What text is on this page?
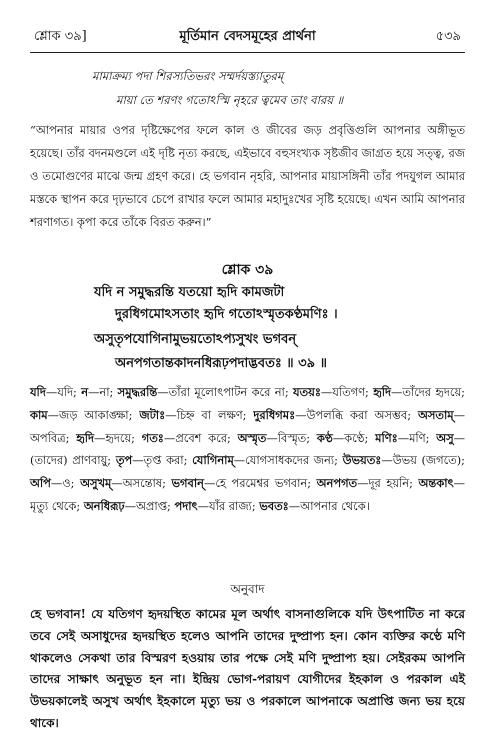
শ্লোক ৩৯]	মূর্তিমান বেদসমূহের প্রার্থনা	৫৩৯
মামাক্রম্য পদা শিরস্যতিভরং সম্মর্দয়স্ত্যাতুরম্‌
মায়া তে শরণং গতোঽস্মি নৃহরে ত্বমেব তাং বারয় ॥
“আপনার মায়ার ওপর দৃষ্টিক্ষেপের ফলে কাল ও জীবের জড় প্রবৃত্তিগুলি আপনার অঙ্গীভূত হয়েছে। তাঁর বদনমণ্ডলে এই দৃষ্টি নৃত্য করছে, এইভাবে বহুসংখ্যক সৃষ্টজীব জাগ্রত হয়ে সত্ত্ব, রজ ও তমোগুণের মাঝে জন্ম গ্রহণ করে। হে ভগবান নৃহরি, আপনার মায়াসঙ্গিনী তাঁর পদযুগল আমার মস্তকে স্থাপন করে দৃঢ়ভাবে চেপে রাখার ফলে আমার মহাদুঃখের সৃষ্টি হয়েছে। এখন আমি আপনার শরণাগত। কৃপা করে তাঁকে বিরত করুন।”
শ্লোক ৩৯
যদি ন সমুদ্ধরন্তি যতয়ো হৃদি কামজটা
দুরধিগমোঽসতাং হৃদি গতোঽস্মৃতকণ্ঠমণিঃ ।
অসুতৃপযোগিনামুভয়তোঽপ্যসুখং ভগবন্‌
অনপগতান্তকাদনধিরূঢ়পদাদ্ভবতঃ ॥ ৩৯ ॥
যদি—যদি; ন—না; সমুদ্ধরন্তি—তাঁরা মূলোৎপাটন করে না; যতয়ঃ—যতিগণ; হৃদি—তাঁদের হৃদয়ে; কাম—জড় আকাঙ্ক্ষা; জটাঃ—চিহ্ন বা লক্ষণ; দুরধিগমঃ—উপলব্ধি করা অসম্ভব; অসতাম্‌—অপবিত্র; হৃদি—হৃদয়ে; গতঃ—প্রবেশ করে; অস্মৃত—বিস্মৃত; কণ্ঠ—কণ্ঠে; মণিঃ—মণি; অসু—(তাদের) প্রাণবায়ু; তৃপ—তৃপ্ত করা; যোগিনাম্‌—যোগসাধকদের জন্য; উভয়তঃ—উভয় (জগতে); অপি—ও; অসুখম্‌—অসন্তোষ; ভগবান্‌—হে পরমেশ্বর ভগবান; অনপগত—দূর হয়নি; অন্তকাৎ—মৃত্যু থেকে; অনধিরূঢ়—অপ্রাপ্ত; পদাৎ—যাঁর রাজ্য; ভবতঃ—আপনার থেকে।
অনুবাদ
হে ভগবান! যে যতিগণ হৃদয়স্থিত কামের মূল অর্থাৎ বাসনাগুলিকে যদি উৎপাটিত না করে তবে সেই অসাধুদের হৃদয়স্থিত হলেও আপনি তাদের দুষ্প্রাপ্য হন। কোন ব্যক্তির কণ্ঠে মণি থাকলেও সেকথা তার বিস্মরণ হওয়ায় তার পক্ষে সেই মণি দুষ্প্রাপ্য হয়। সেইরকম আপনি তাদের সাক্ষাৎ অনুভূত হন না। ইন্দ্রিয় ভোগ-পরায়ণ যোগীদের ইহকাল ও পরকাল এই উভয়কালেই অসুখ অর্থাৎ ইহকালে মৃত্যু ভয় ও পরকালে আপনাকে অপ্রাপ্তি জন্য ভয় হয়ে থাকে।
